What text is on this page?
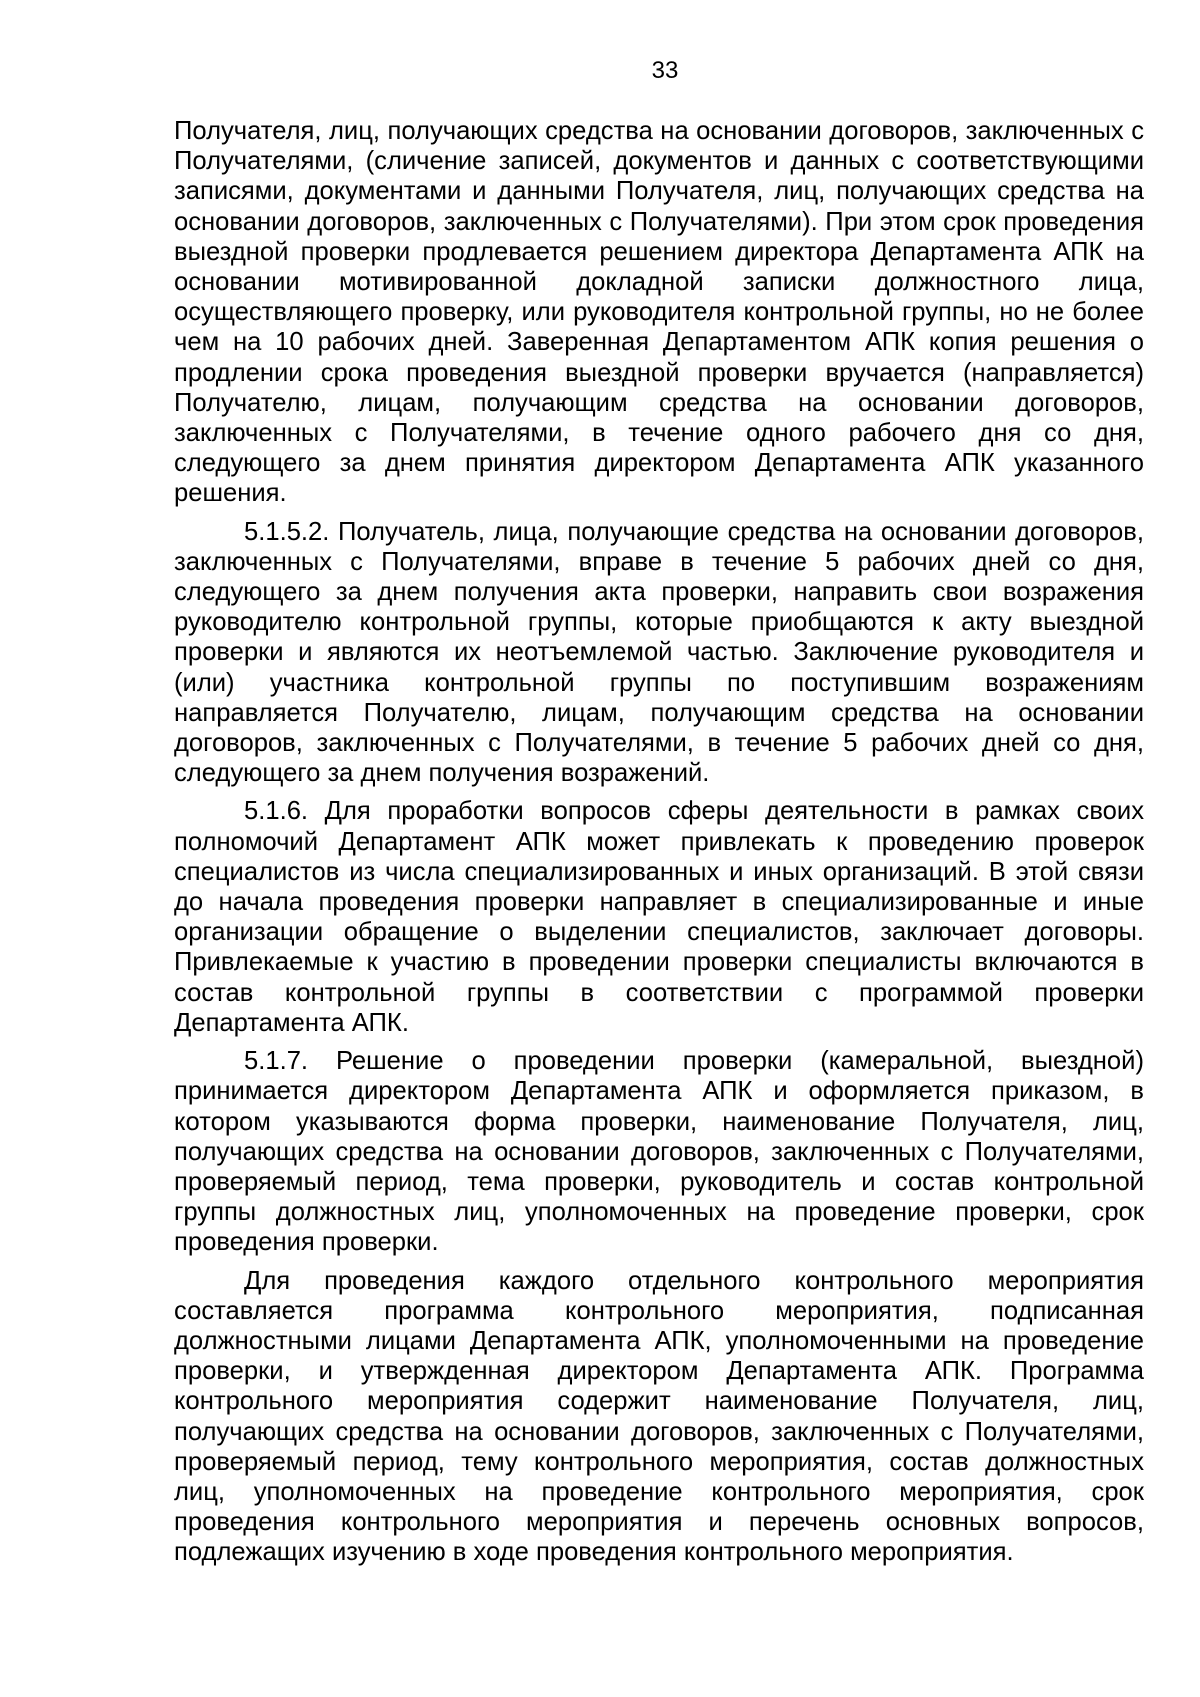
33

Получателя, лиц, получающих средства на основании договоров, заключенных с Получателями, (сличение записей, документов и данных с соответствующими записями, документами и данными Получателя, лиц, получающих средства на основании договоров, заключенных с Получателями). При этом срок проведения выездной проверки продлевается решением директора Департамента АПК на основании мотивированной докладной записки должностного лица, осуществляющего проверку, или руководителя контрольной группы, но не более чем на 10 рабочих дней. Заверенная Департаментом АПК копия решения о продлении срока проведения выездной проверки вручается (направляется) Получателю, лицам, получающим средства на основании договоров, заключенных с Получателями, в течение одного рабочего дня со дня, следующего за днем принятия директором Департамента АПК указанного решения.

5.1.5.2. Получатель, лица, получающие средства на основании договоров, заключенных с Получателями, вправе в течение 5 рабочих дней со дня, следующего за днем получения акта проверки, направить свои возражения руководителю контрольной группы, которые приобщаются к акту выездной проверки и являются их неотъемлемой частью. Заключение руководителя и (или) участника контрольной группы по поступившим возражениям направляется Получателю, лицам, получающим средства на основании договоров, заключенных с Получателями, в течение 5 рабочих дней со дня, следующего за днем получения возражений.

5.1.6. Для проработки вопросов сферы деятельности в рамках своих полномочий Департамент АПК может привлекать к проведению проверок специалистов из числа специализированных и иных организаций. В этой связи до начала проведения проверки направляет в специализированные и иные организации обращение о выделении специалистов, заключает договоры. Привлекаемые к участию в проведении проверки специалисты включаются в состав контрольной группы в соответствии с программой проверки Департамента АПК.

5.1.7. Решение о проведении проверки (камеральной, выездной) принимается директором Департамента АПК и оформляется приказом, в котором указываются форма проверки, наименование Получателя, лиц, получающих средства на основании договоров, заключенных с Получателями, проверяемый период, тема проверки, руководитель и состав контрольной группы должностных лиц, уполномоченных на проведение проверки, срок проведения проверки.

Для проведения каждого отдельного контрольного мероприятия составляется программа контрольного мероприятия, подписанная должностными лицами Департамента АПК, уполномоченными на проведение проверки, и утвержденная директором Департамента АПК. Программа контрольного мероприятия содержит наименование Получателя, лиц, получающих средства на основании договоров, заключенных с Получателями, проверяемый период, тему контрольного мероприятия, состав должностных лиц, уполномоченных на проведение контрольного мероприятия, срок проведения контрольного мероприятия и перечень основных вопросов, подлежащих изучению в ходе проведения контрольного мероприятия.
